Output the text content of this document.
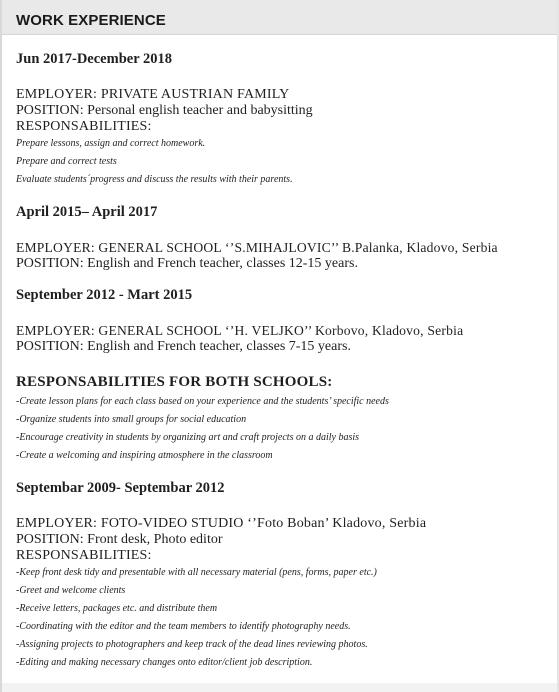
WORK EXPERIENCE

Jun 2017-December 2018

EMPLOYER: PRIVATE AUSTRIAN FAMILY

POSITION: Personal english teacher and babysitting

RESPONSABILITIES:

Prepare lessons, assign and correct homework.

Prepare and correct tests

Evaluate students´progress and discuss the results with their parents.

April 2015– April 2017

EMPLOYER: GENERAL SCHOOL ‘’S.MIHAJLOVIC’’ B.Palanka, Kladovo, Serbia

POSITION: English and French teacher, classes 12-15 years.

September 2012 - Mart 2015

EMPLOYER: GENERAL SCHOOL ‘’H. VELJKO’’ Korbovo, Kladovo, Serbia

POSITION: English and French teacher, classes 7-15 years.

RESPONSABILITIES FOR BOTH SCHOOLS:

-Create lesson plans for each class based on your experience and the students’ specific needs

-Organize students into small groups for social education

-Encourage creativity in students by organizing art and craft projects on a daily basis

-Create a welcoming and inspiring atmosphere in the classroom

Septembar 2009- Septembar 2012

EMPLOYER: FOTO-VIDEO STUDIO ‘’Foto Boban’ Kladovo, Serbia

POSITION: Front desk, Photo editor

RESPONSABILITIES:

-Keep front desk tidy and presentable with all necessary material (pens, forms, paper etc.)

-Greet and welcome clients

-Receive letters, packages etc. and distribute them

-Coordinating with the editor and the team members to identify photography needs.

-Assigning projects to photographers and keep track of the dead lines reviewing photos.

-Editing and making necessary changes onto editor/client job description.
